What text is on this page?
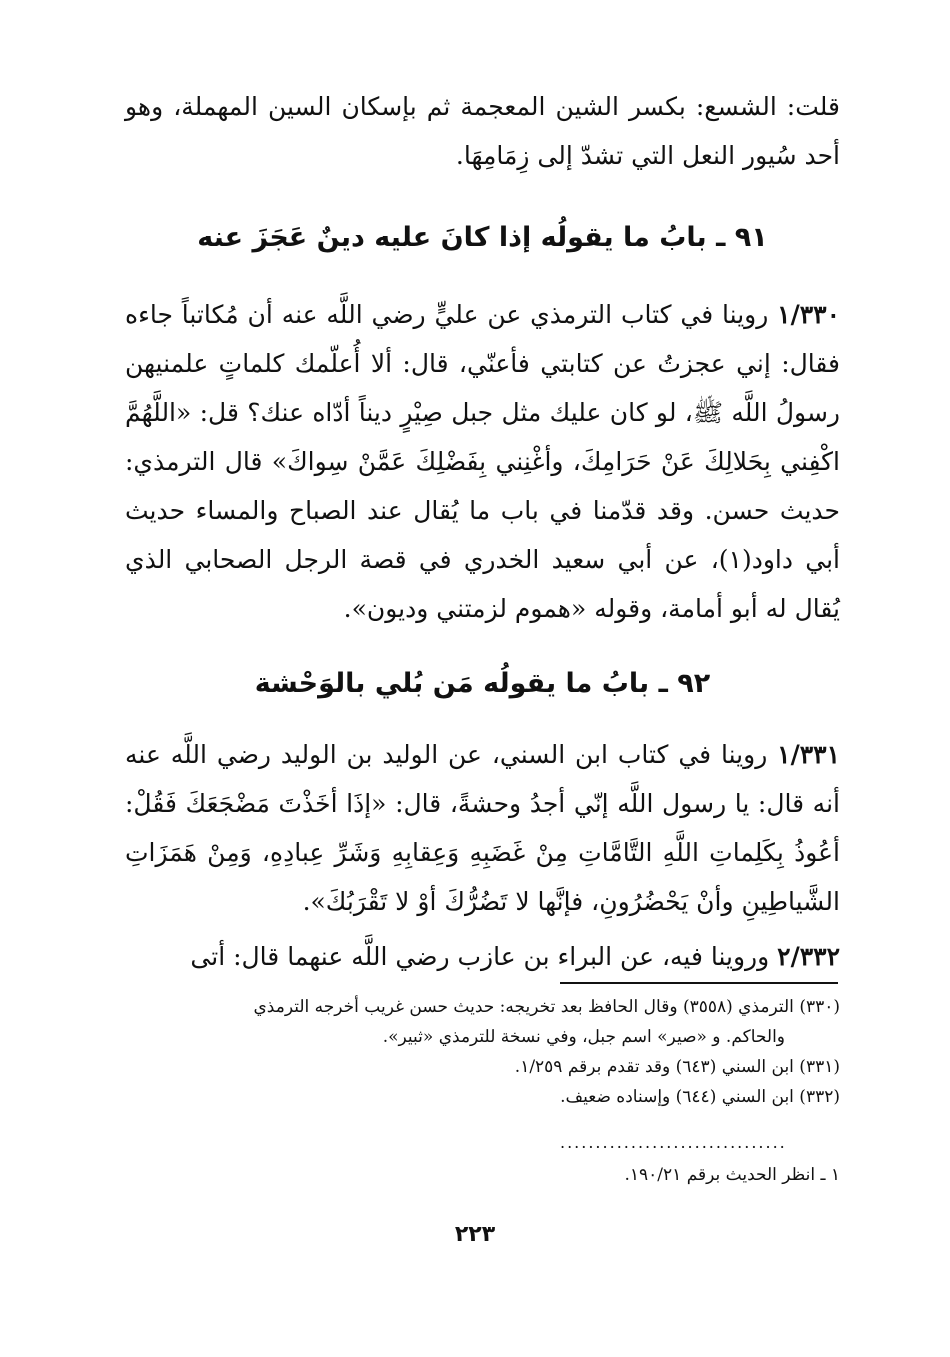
قلت: الشسع: بكسر الشين المعجمة ثم بإسكان السين المهملة، وهو أحد سُيور النعل التي تشدّ إلى زِمَامِهَا.

٩١ ـ بابُ ما يقولُه إذا كانَ عليه دينٌ عَجَزَ عنه

١/٣٣٠ روينا في كتاب الترمذي عن عليٍّ رضي اللَّه عنه أن مُكاتباً جاءه فقال: إني عجزتُ عن كتابتي فأعنّي، قال: ألا أُعلّمك كلماتٍ علمنيهن رسولُ اللَّه ﷺ، لو كان عليك مثل جبل صِيْرٍ ديناً أدّاه عنك؟ قل: «اللَّهُمَّ اكْفِني بِحَلالِكَ عَنْ حَرَامِكَ، وأغْنِني بِفَضْلِكَ عَمَّنْ سِواكَ» قال الترمذي: حديث حسن. وقد قدّمنا في باب ما يُقال عند الصباح والمساء حديث أبي داود(١)، عن أبي سعيد الخدري في قصة الرجل الصحابي الذي يُقال له أبو أمامة، وقوله «هموم لزمتني وديون».

٩٢ ـ بابُ ما يقولُه مَن بُلي بالوَحْشة

١/٣٣١ روينا في كتاب ابن السني، عن الوليد بن الوليد رضي اللَّه عنه أنه قال: يا رسول اللَّه إنّي أجدُ وحشةً، قال: «إذَا أخَذْتَ مَضْجَعَكَ فَقُلْ: أعُوذُ بِكَلِماتِ اللَّهِ التَّامَّاتِ مِنْ غَضَبِهِ وَعِقابِهِ وَشَرِّ عِبادِهِ، وَمِنْ هَمَزَاتِ الشَّياطِينِ وأنْ يَحْضُرُونِ، فإنَّها لا تَضُرُّكَ أوْ لا تَقْرَبُكَ».

٢/٣٣٢ وروينا فيه، عن البراء بن عازب رضي اللَّه عنهما قال: أتى

(٣٣٠) الترمذي (٣٥٥٨) وقال الحافظ بعد تخريجه: حديث حسن غريب أخرجه الترمذي

والحاكم. و «صير» اسم جبل، وفي نسخة للترمذي «ثبير».

(٣٣١) ابن السني (٦٤٣) وقد تقدم برقم ١/٢٥٩.

(٣٣٢) ابن السني (٦٤٤) وإسناده ضعيف.

................................

١ ـ انظر الحديث برقم ١٩٠/٢١.

٢٢٣
